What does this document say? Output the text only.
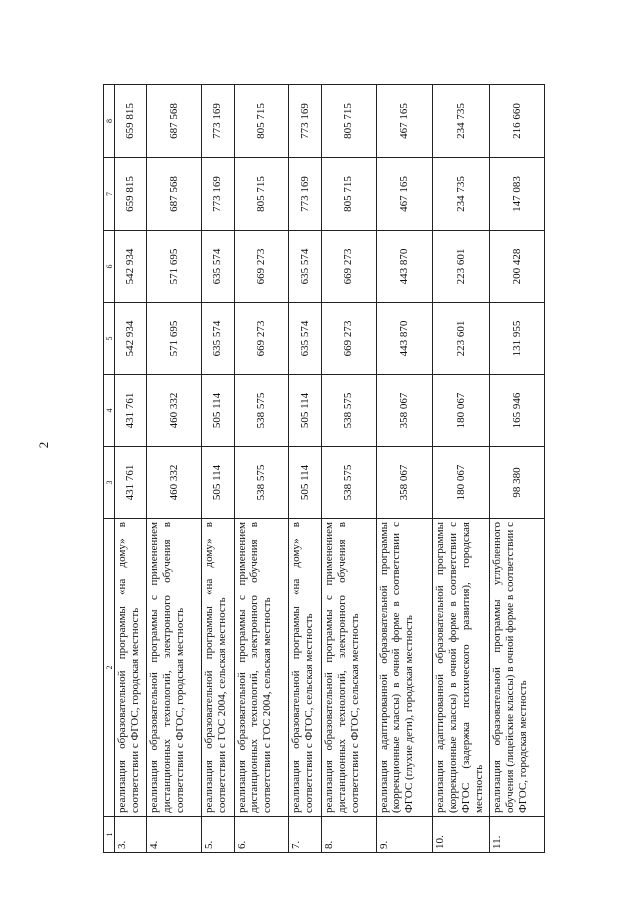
2
1	2	3	4	5	6	7	8
3.	реализация образовательной программы «на дому» в соответствии с ФГОС, городская местность	431 761	431 761	542 934	542 934	659 815	659 815
4.	реализация образовательной программы с применением дистанционных технологий, электронного обучения в соответствии с ФГОС, городская местность	460 332	460 332	571 695	571 695	687 568	687 568
5.	реализация образовательной программы «на дому» в соответствии с ГОС 2004, сельская местность	505 114	505 114	635 574	635 574	773 169	773 169
6.	реализация образовательной программы с применением дистанционных технологий, электронного обучения в соответствии с ГОС 2004, сельская местность	538 575	538 575	669 273	669 273	805 715	805 715
7.	реализация образовательной программы «на дому» в соответствии с ФГОС, сельская местность	505 114	505 114	635 574	635 574	773 169	773 169
8.	реализация образовательной программы с применением дистанционных технологий, электронного обучения в соответствии с ФГОС, сельская местность	538 575	538 575	669 273	669 273	805 715	805 715
9.	реализация адаптированной образовательной программы (коррекционные классы) в очной форме в соответствии с ФГОС (глухие дети), городская местность	358 067	358 067	443 870	443 870	467 165	467 165
10.	реализация адаптированной образовательной программы (коррекционные классы) в очной форме в соответствии с ФГОС (задержка психического развития), городская местность	180 067	180 067	223 601	223 601	234 735	234 735
11.	реализация образовательной программы углубленного обучения (лицейские классы) в очной форме в соответствии с ФГОС, городская местность	98 380	165 946	131 955	200 428	147 083	216 660
